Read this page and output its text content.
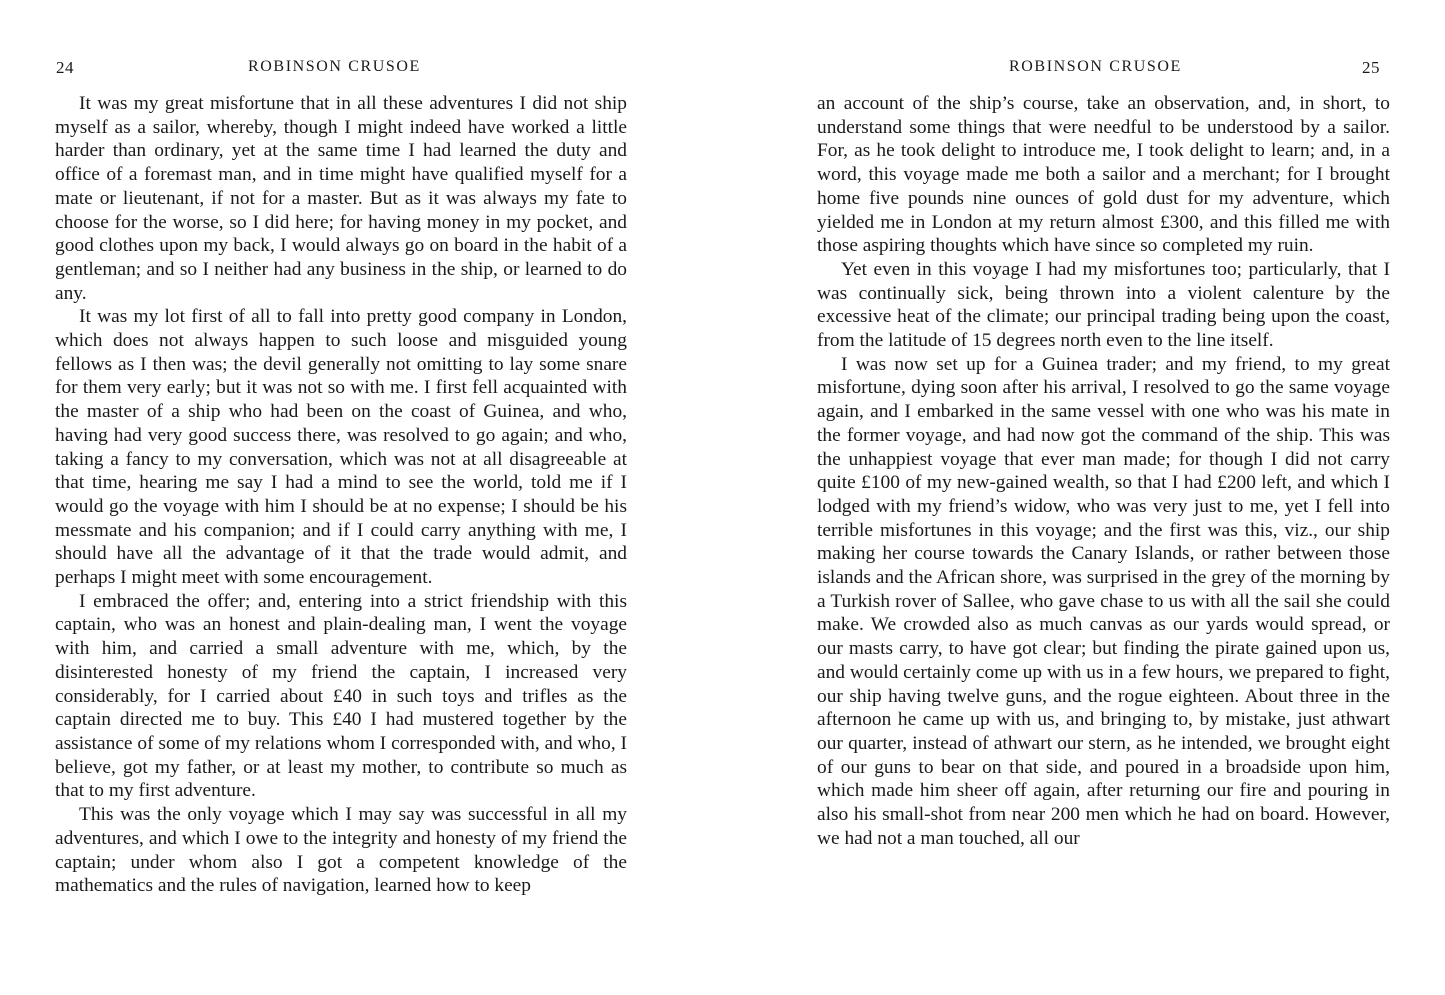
24	ROBINSON CRUSOE

It was my great misfortune that in all these adventures I did not ship myself as a sailor, whereby, though I might indeed have worked a little harder than ordinary, yet at the same time I had learned the duty and office of a foremast man, and in time might have qualified myself for a mate or lieutenant, if not for a master. But as it was always my fate to choose for the worse, so I did here; for having money in my pocket, and good clothes upon my back, I would always go on board in the habit of a gentleman; and so I neither had any business in the ship, or learned to do any.

It was my lot first of all to fall into pretty good company in London, which does not always happen to such loose and misguided young fellows as I then was; the devil generally not omitting to lay some snare for them very early; but it was not so with me. I first fell acquainted with the master of a ship who had been on the coast of Guinea, and who, having had very good success there, was resolved to go again; and who, taking a fancy to my conversation, which was not at all disagreeable at that time, hearing me say I had a mind to see the world, told me if I would go the voyage with him I should be at no expense; I should be his messmate and his companion; and if I could carry anything with me, I should have all the advantage of it that the trade would admit, and perhaps I might meet with some encouragement.

I embraced the offer; and, entering into a strict friendship with this captain, who was an honest and plain-dealing man, I went the voyage with him, and carried a small adventure with me, which, by the disinterested honesty of my friend the captain, I increased very considerably, for I carried about £40 in such toys and trifles as the captain directed me to buy. This £40 I had mustered together by the assistance of some of my relations whom I corresponded with, and who, I believe, got my father, or at least my mother, to contribute so much as that to my first adventure.

This was the only voyage which I may say was successful in all my adventures, and which I owe to the integrity and honesty of my friend the captain; under whom also I got a competent knowledge of the mathematics and the rules of navigation, learned how to keep

ROBINSON CRUSOE	25

an account of the ship’s course, take an observation, and, in short, to understand some things that were needful to be understood by a sailor. For, as he took delight to introduce me, I took delight to learn; and, in a word, this voyage made me both a sailor and a merchant; for I brought home five pounds nine ounces of gold dust for my adventure, which yielded me in London at my return almost £300, and this filled me with those aspiring thoughts which have since so completed my ruin.

Yet even in this voyage I had my misfortunes too; particularly, that I was continually sick, being thrown into a violent calenture by the excessive heat of the climate; our principal trading being upon the coast, from the latitude of 15 degrees north even to the line itself.

I was now set up for a Guinea trader; and my friend, to my great misfortune, dying soon after his arrival, I resolved to go the same voyage again, and I embarked in the same vessel with one who was his mate in the former voyage, and had now got the command of the ship. This was the unhappiest voyage that ever man made; for though I did not carry quite £100 of my new-gained wealth, so that I had £200 left, and which I lodged with my friend’s widow, who was very just to me, yet I fell into terrible misfortunes in this voyage; and the first was this, viz., our ship making her course towards the Canary Islands, or rather between those islands and the African shore, was surprised in the grey of the morning by a Turkish rover of Sallee, who gave chase to us with all the sail she could make. We crowded also as much canvas as our yards would spread, or our masts carry, to have got clear; but finding the pirate gained upon us, and would certainly come up with us in a few hours, we prepared to fight, our ship having twelve guns, and the rogue eighteen. About three in the afternoon he came up with us, and bringing to, by mistake, just athwart our quarter, instead of athwart our stern, as he intended, we brought eight of our guns to bear on that side, and poured in a broadside upon him, which made him sheer off again, after returning our fire and pouring in also his small-shot from near 200 men which he had on board. However, we had not a man touched, all our
